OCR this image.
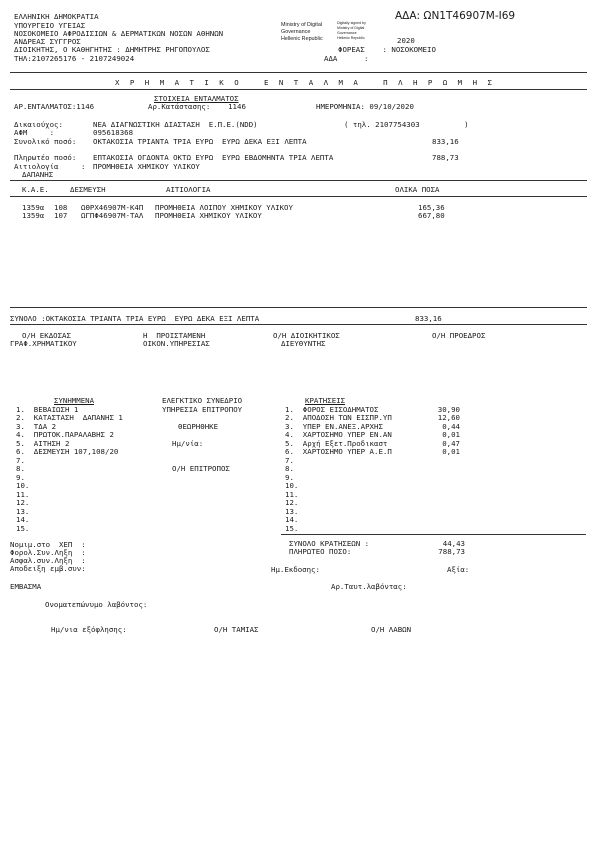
ΑΔΑ: ΩΝ1Τ46907Μ-Ι69
ΕΛΛΗΝΙΚΗ ΔΗΜΟΚΡΑΤΙΑ
ΥΠΟΥΡΓΕΙΟ ΥΓΕΙΑΣ
ΝΟΣΟΚΟΜΕΙΟ ΑΦΡΟΔΙΣΙΩΝ & ΔΕΡΜΑΤΙΚΩΝ ΝΟΣΩΝ ΑΘΗΝΩΝ
ΑΝΔΡΕΑΣ ΣΥΓΓΡΟΣ
ΔΙΟΙΚΗΤΗΣ, Ο ΚΑΘΗΓΗΤΗΣ : ΔΗΜΗΤΡΗΣ ΡΗΓΟΠΟΥΛΟΣ
ΤΗΛ:2107265176 - 2107249024
Ministry of Digital
Governance
Hellenic Republic
Digitally signed by
Ministry of Digital
Governance
Hellenic Republic	2020
ΦΟΡΕΑΣ    : ΝΟΣΟΚΟΜΕΙΟ
ΑΔΑ      :
Χ Ρ Η Μ Α Τ Ι Κ Ο   Ε Ν Τ Α Λ Μ Α   Π Λ Η Ρ Ω Μ Η Σ
ΣΤΟΙΧΕΙΑ ΕΝΤΑΛΜΑΤΟΣ
ΑΡ.ΕΝΤΑΛΜΑΤΟΣ:1146	Αρ.Κατάστασης:    1146	ΗΜΕΡΟΜΗΝΙΑ: 09/10/2020
Δικαιούχος:	ΝΕΑ ΔΙΑΓΝΩΣΤΙΚΗ ΔΙΑΣΤΑΣΗ  Ε.Π.Ε.(NDD)	( τηλ. 2107754303          )
ΑΦΜ     :	095618368
Συνολικό ποσό: ΟΚΤΑΚΟΣΙΑ ΤΡΙΑΝΤΑ ΤΡΙΑ ΕΥΡΩ  ΕΥΡΩ ΔΕΚΑ ΕΞΙ ΛΕΠΤΑ	833,16
Πληρωτέο ποσό: ΕΠΤΑΚΟΣΙΑ ΟΓΔΟΝΤΑ ΟΚΤΩ ΕΥΡΩ  ΕΥΡΩ ΕΒΔΟΜΗΝΤΑ ΤΡΙΑ ΛΕΠΤΑ	788,73
Αιτιολογία	: ΠΡΟΜΗΘΕΙΑ ΧΗΜΙΚΟΥ ΥΛΙΚΟΥ
ΔΑΠΑΝΗΣ
Κ.Α.Ε.	ΔΕΣΜΕΥΣΗ	ΑΙΤΙΟΛΟΓΙΑ	ΟΛΙΚΑ ΠΟΣΑ
1359α 108 ΩΘΡΧ46907Μ-Κ4Π ΠΡΟΜΗΘΕΙΑ ΛΟΙΠΟΥ ΧΗΜΙΚΟΥ ΥΛΙΚΟΥ	165,36
1359α 107 ΩΓΠΦ46907Μ-ΤΑΛ ΠΡΟΜΗΘΕΙΑ ΧΗΜΙΚΟΥ ΥΛΙΚΟΥ	667,80
ΣΥΝΟΛΟ :ΟΚΤΑΚΟΣΙΑ ΤΡΙΑΝΤΑ ΤΡΙΑ ΕΥΡΩ  ΕΥΡΩ ΔΕΚΑ ΕΞΙ ΛΕΠΤΑ	833,16
Ο/Η ΕΚΔΟΣΑΣ
ΓΡΑΦ.ΧΡΗΜΑΤΙΚΟΥ
Η  ΠΡΟΙΣΤΑΜΕΝΗ
ΟΙΚΟΝ.ΥΠΗΡΕΣΙΑΣ
Ο/Η ΔΙΟΙΚΗΤΙΚΟΣ
ΔΙΕΥΘΥΝΤΗΣ
Ο/Η ΠΡΟΕΔΡΟΣ
ΣΥΝΗΜΜΕΝΑ
1.  ΒΕΒΑΙΩΣΗ 1
2.  ΚΑΤΑΣΤΑΣΗ  ΔΑΠΑΝΗΣ 1
3.  ΤΔΑ 2
4.  ΠΡΩΤΟΚ.ΠΑΡΑΛΑΒΗΣ 2
5.  ΑΙΤΗΣΗ 2
6.  ΔΕΣΜΕΥΣΗ 107,108/20
7.
8.
9.
10.
11.
12.
13.
14.
15.
ΕΛΕΓΚΤΙΚΟ ΣΥΝΕΔΡΙΟ
ΥΠΗΡΕΣΙΑ ΕΠΙΤΡΟΠΟΥ
ΘΕΩΡΗΘΗΚΕ
Ημ/νία:
Ο/Η ΕΠΙΤΡΟΠΟΣ
ΚΡΑΤΗΣΕΙΣ
1.  ΦΟΡΟΣ ΕΙΣΟΔΗΜΑΤΟΣ	30,90
2.  ΑΠΟΔΟΣΗ ΤΩΝ ΕΙΣΠΡ.ΥΠ	12,60
3.  ΥΠΕΡ ΕΝ.ΑΝΕΞ.ΑΡΧΗΣ	0,44
4.  ΧΑΡΤΟΣΗΜΟ ΥΠΕΡ ΕΝ.ΑΝ	0,01
5.  Αρχή Εξετ.Προδικαστ	0,47
6.  ΧΑΡΤΟΣΗΜΟ ΥΠΕΡ Α.Ε.Π	0,01
7.
8.
9.
10.
11.
12.
13.
14.
15.
ΣΥΝΟΛΟ ΚΡΑΤΗΣΕΩΝ :	44,43
ΠΛΗΡΩΤΕΟ ΠΟΣΟ:	788,73
Νομιμ.στο  ΧΕΠ  :
Φορολ.Συν.Ληξη  :
Ασφαλ.συν.Ληξη  :
Αποδειξη εμβ.συν:	Ημ.Εκδοσης:	Αξία:
ΕΜΒΑΣΜΑ	Αρ.Ταυτ.λαβόντας:
Ονοματεπώνυμο λαβόντος:
Ημ/νια εξόφλησης:	Ο/Η ΤΑΜΙΑΣ	Ο/Η ΛΑΒΩΝ
